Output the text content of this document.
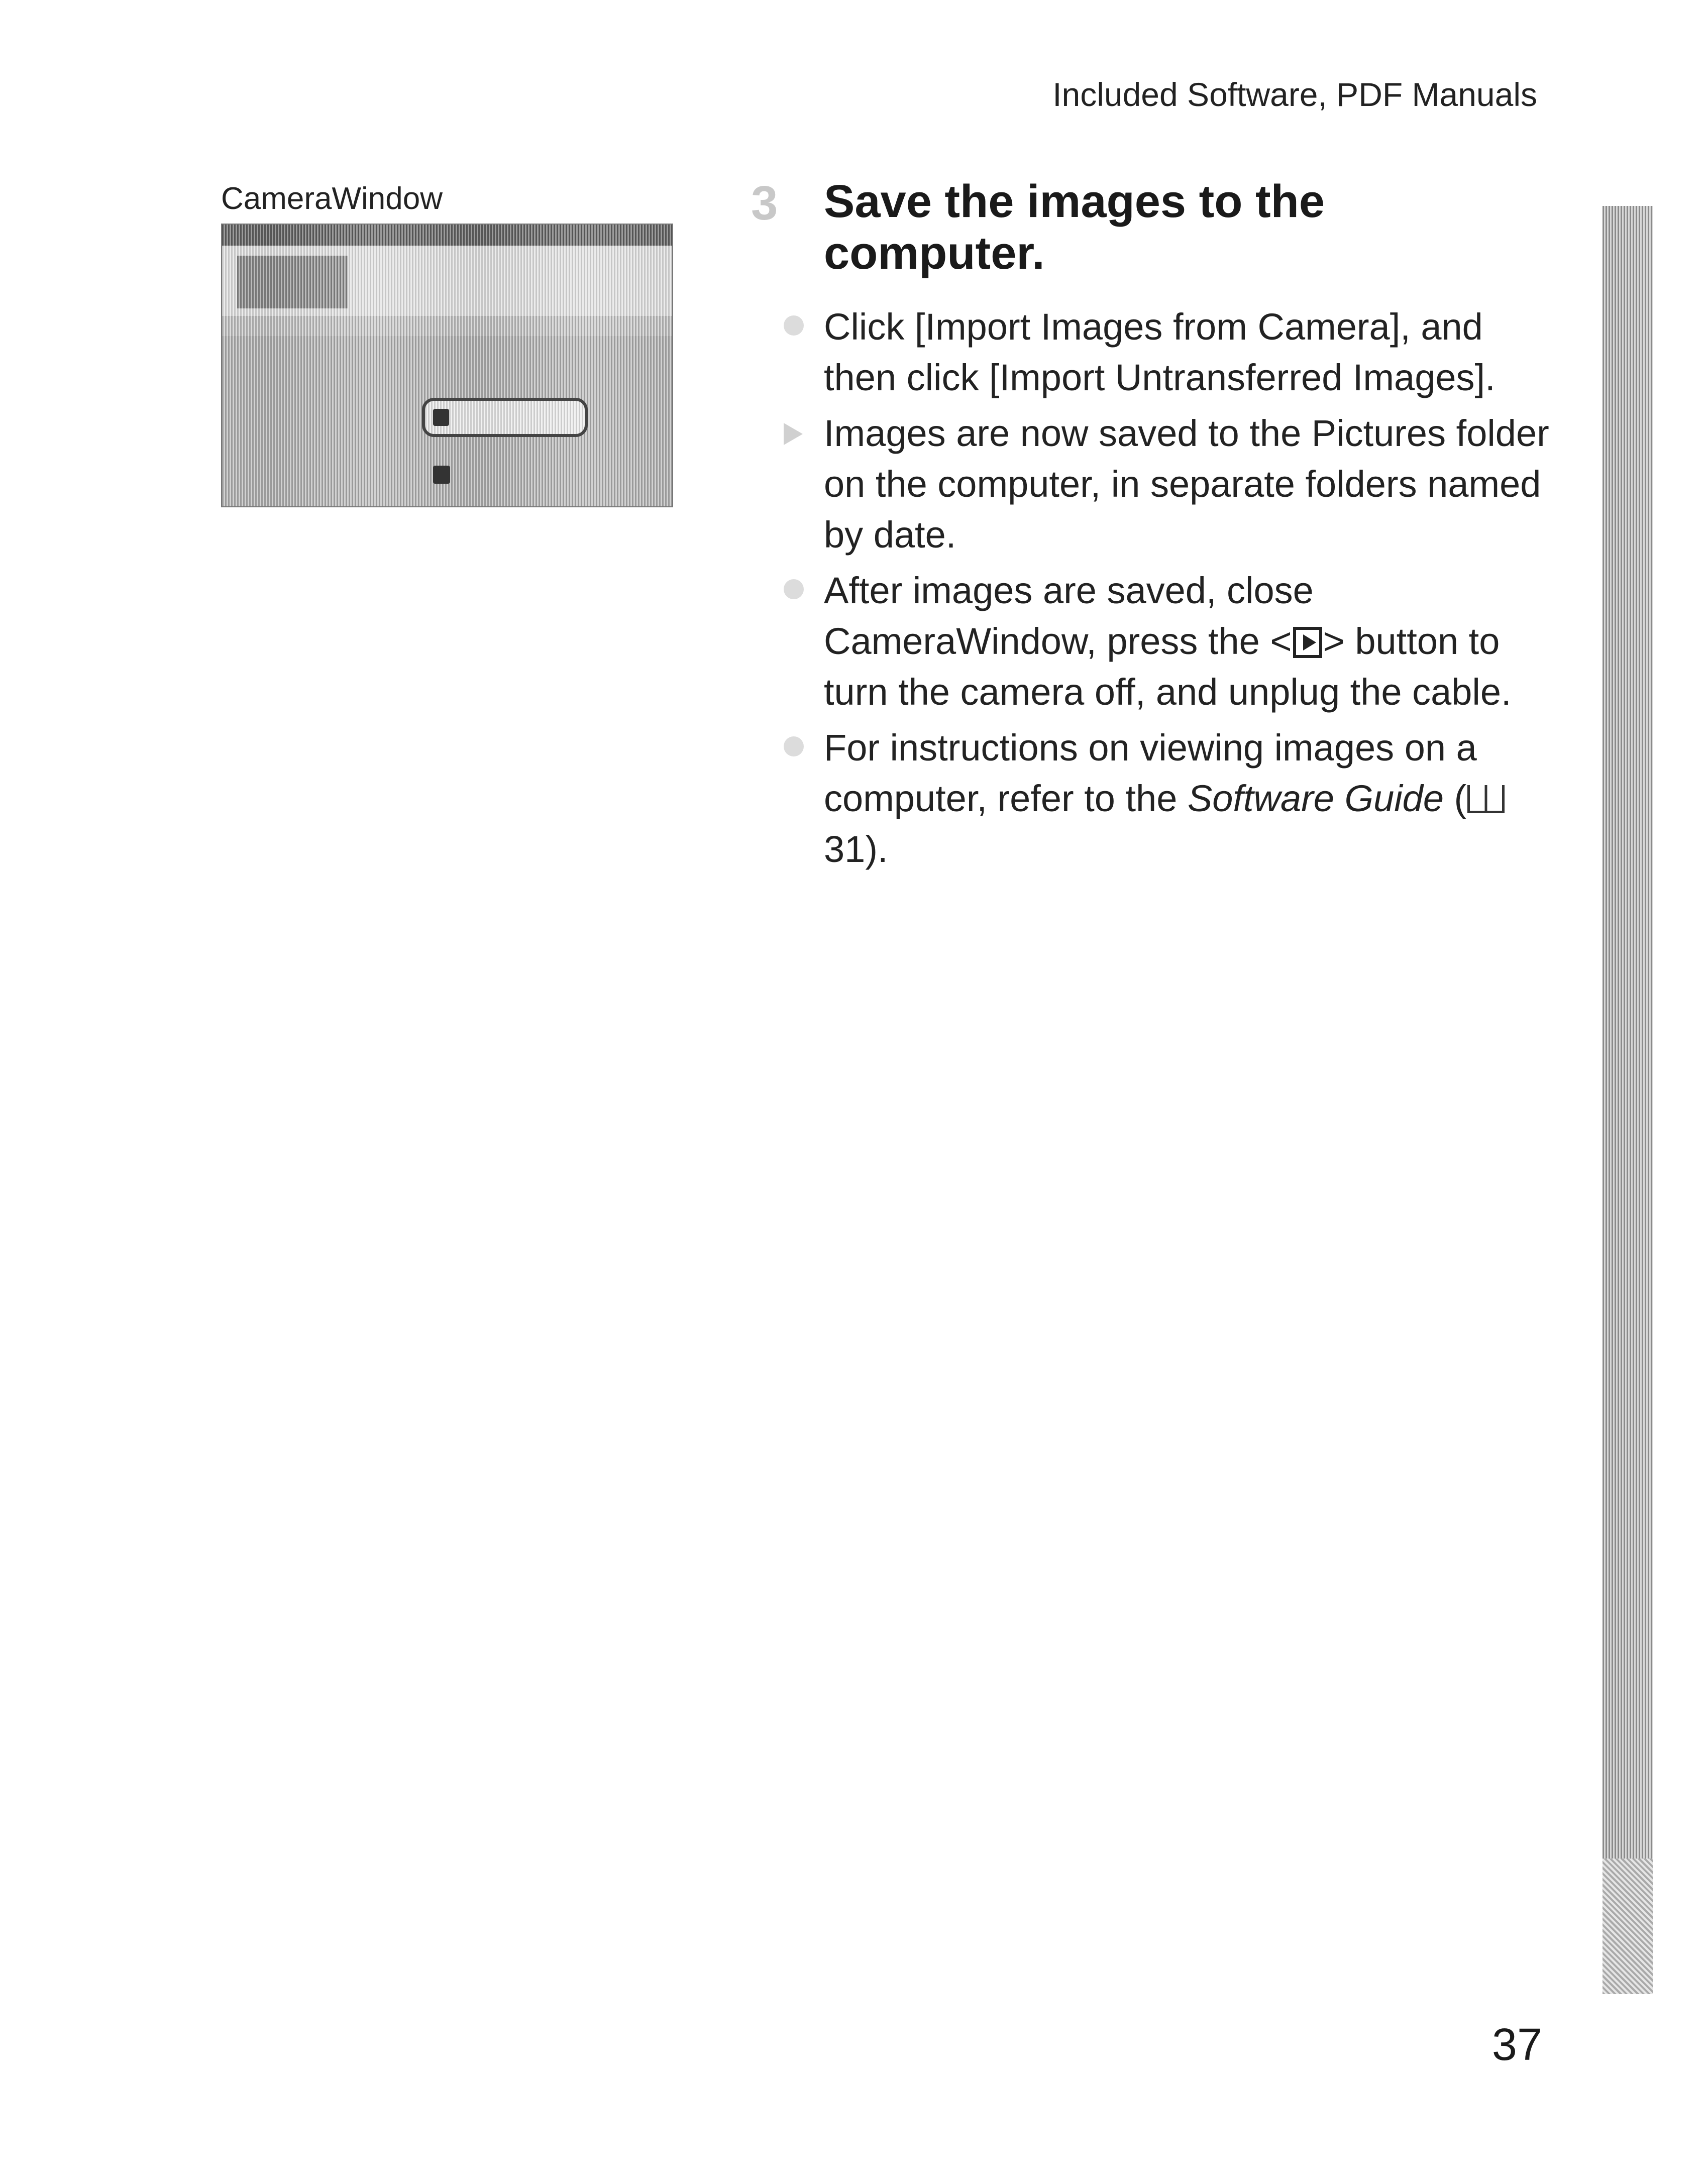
Included Software, PDF Manuals
CameraWindow	3 Save the images to the computer.
Click [Import Images from Camera], and then click [Import Untransferred Images].
Images are now saved to the Pictures folder on the computer, in separate folders named by date.
After images are saved, close CameraWindow, press the < > button to turn the camera off, and unplug the cable.
For instructions on viewing images on a computer, refer to the Software Guide (31).
37
